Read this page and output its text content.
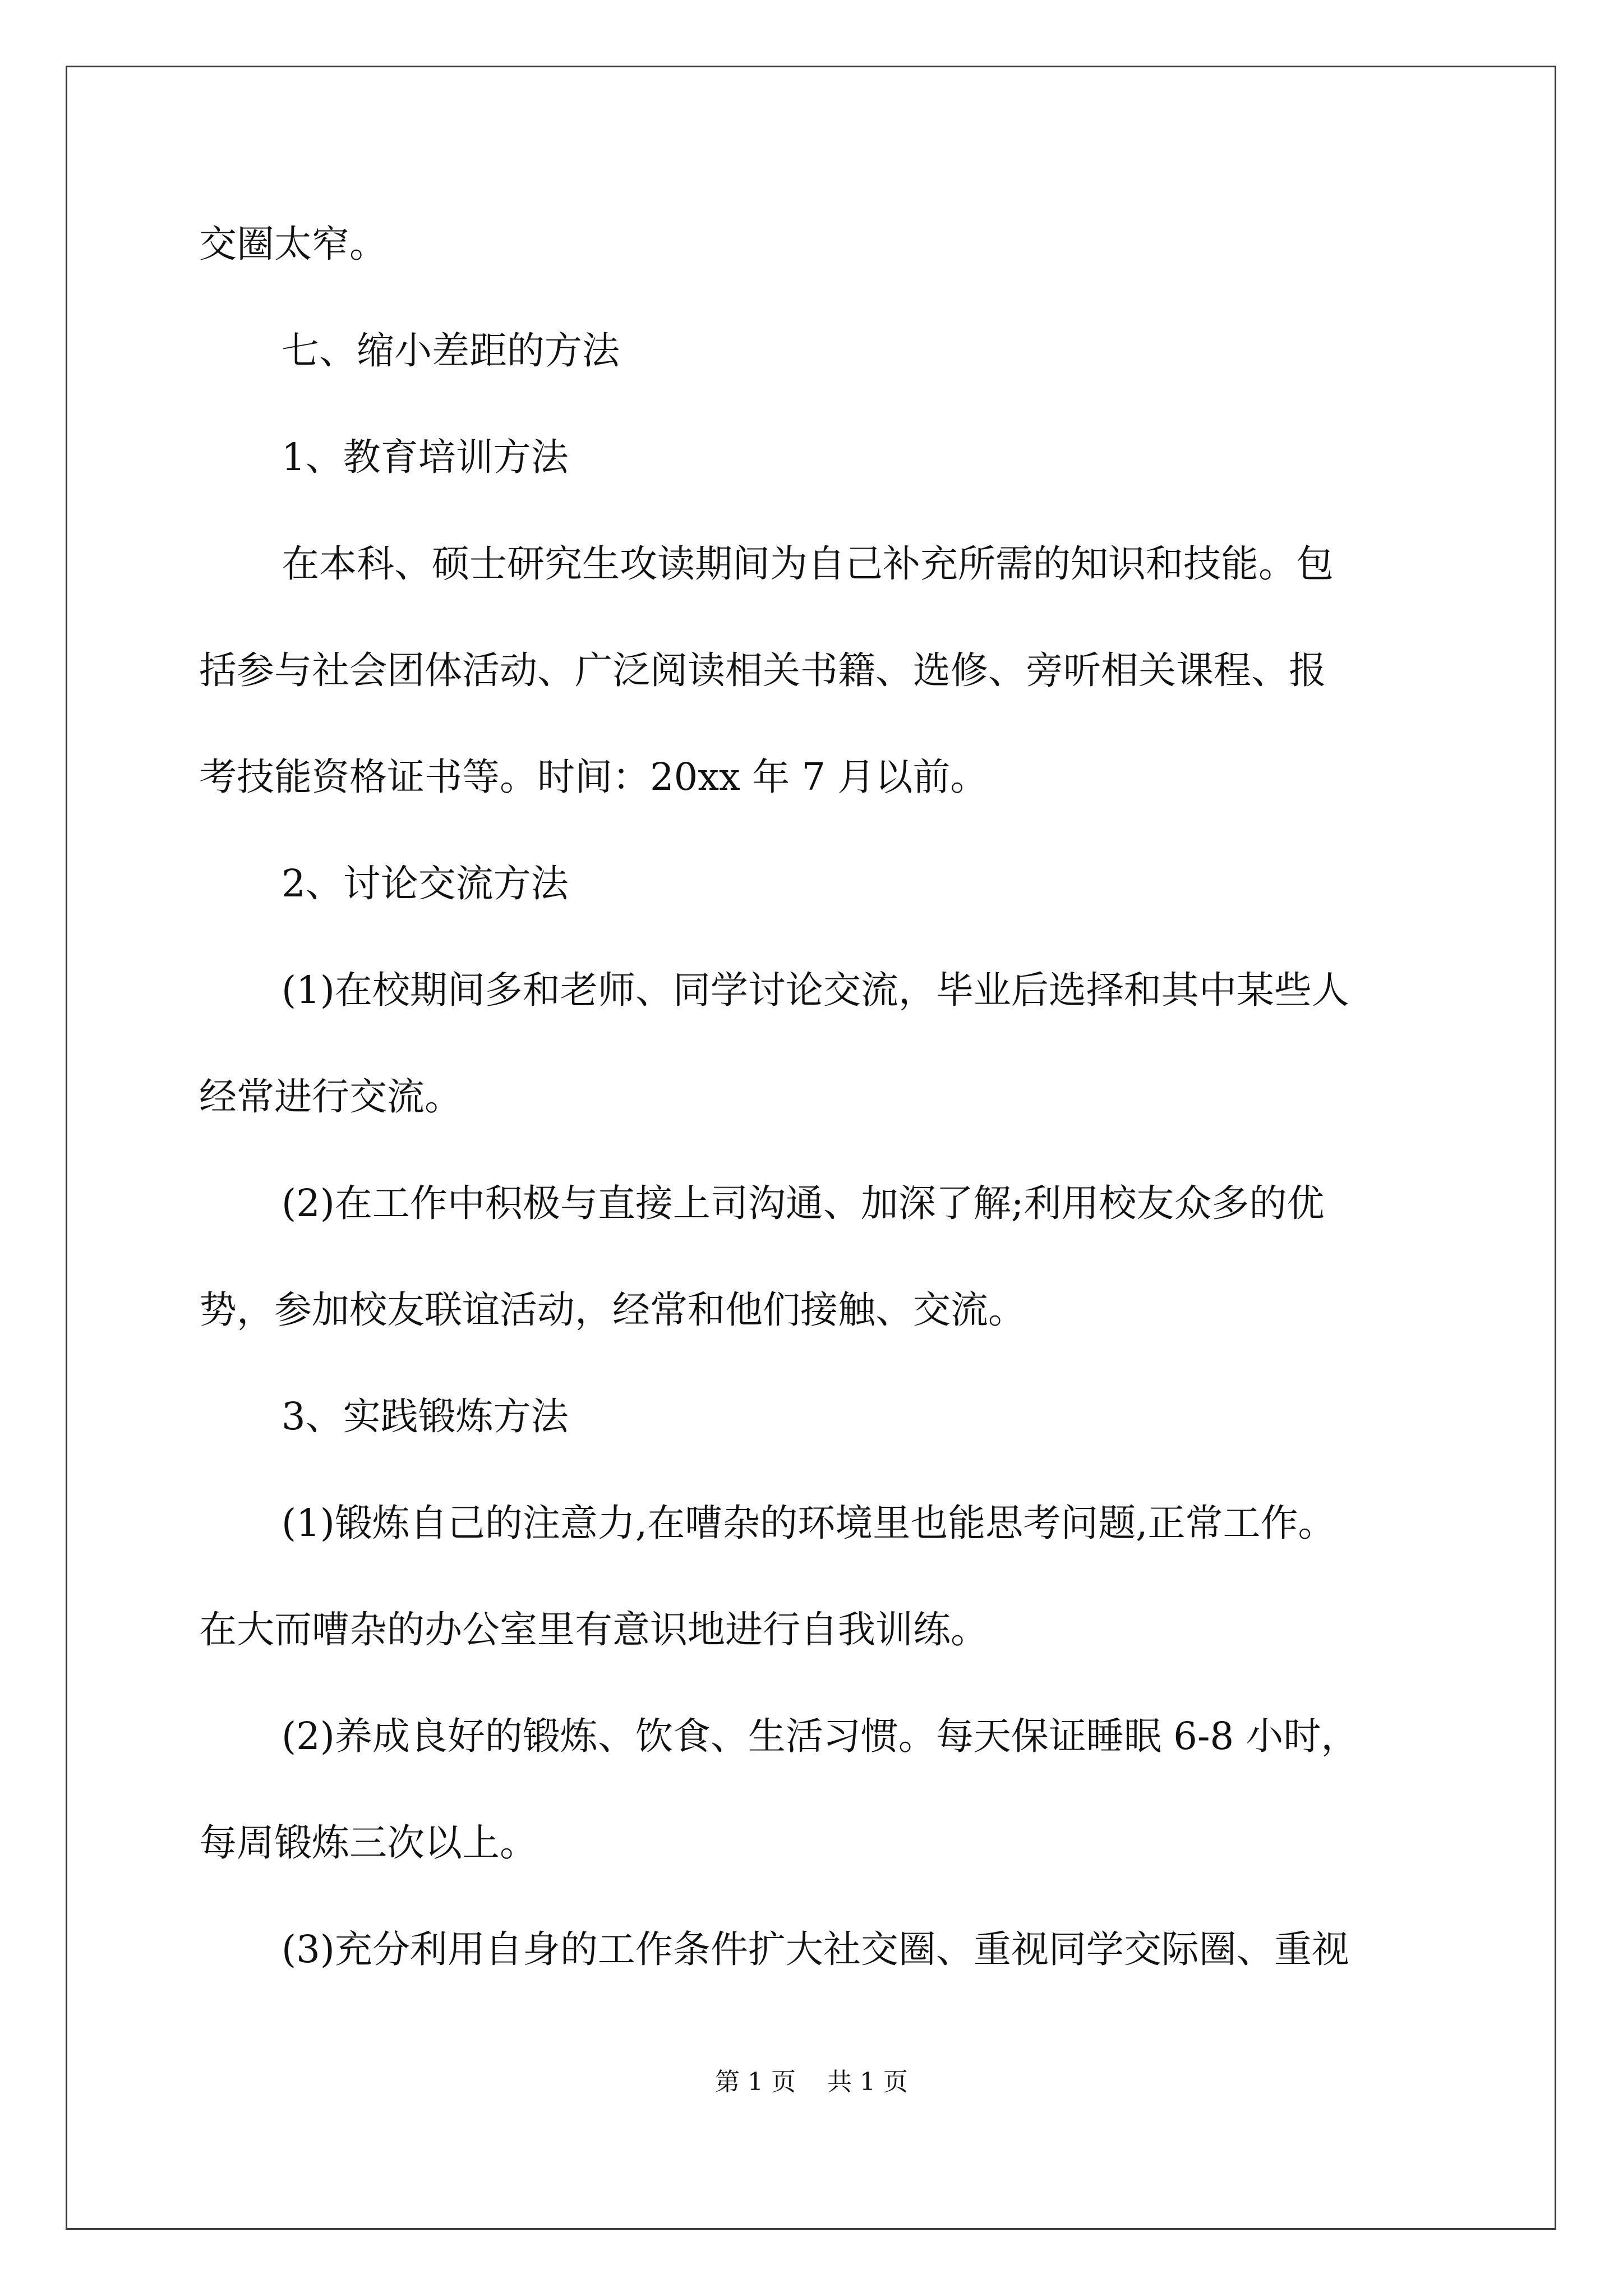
交圈太窄。
七、缩小差距的方法
1、教育培训方法
在本科、硕士研究生攻读期间为自己补充所需的知识和技能。包
括参与社会团体活动、广泛阅读相关书籍、选修、旁听相关课程、报
考技能资格证书等。时间：20xx 年 7 月以前。
2、讨论交流方法
(1)在校期间多和老师、同学讨论交流，毕业后选择和其中某些人
经常进行交流。
(2)在工作中积极与直接上司沟通、加深了解;利用校友众多的优
势，参加校友联谊活动，经常和他们接触、交流。
3、实践锻炼方法
(1)锻炼自己的注意力,在嘈杂的环境里也能思考问题,正常工作。
在大而嘈杂的办公室里有意识地进行自我训练。
(2)养成良好的锻炼、饮食、生活习惯。每天保证睡眠 6-8 小时，
每周锻炼三次以上。
(3)充分利用自身的工作条件扩大社交圈、重视同学交际圈、重视
第 1 页    共 1 页
